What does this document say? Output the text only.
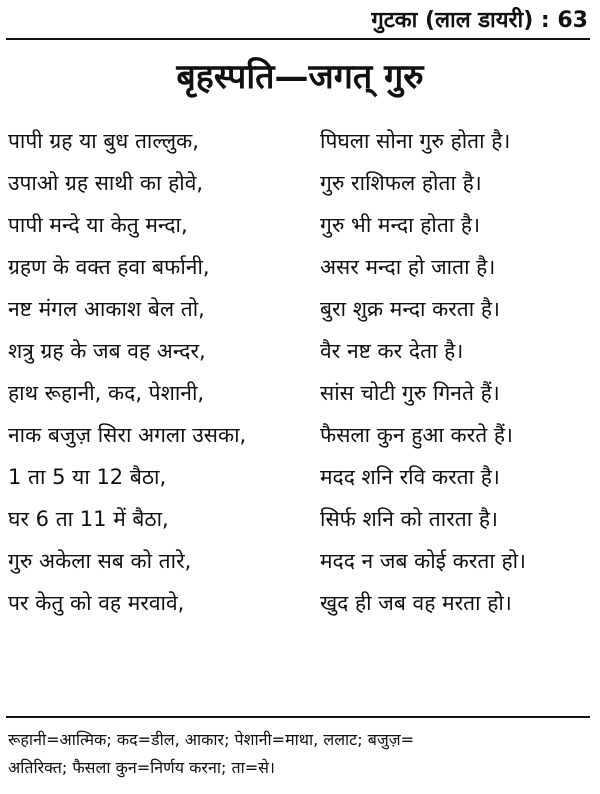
गुटका (लाल डायरी) : 63
बृहस्पति—जगत् गुरु
पापी ग्रह या बुध ताल्लुक,	पिघला सोना गुरु होता है।
उपाओ ग्रह साथी का होवे,	गुरु राशिफल होता है।
पापी मन्दे या केतु मन्दा,	गुरु भी मन्दा होता है।
ग्रहण के वक्त हवा बर्फानी,	असर मन्दा हो जाता है।
नष्ट मंगल आकाश बेल तो,	बुरा शुक्र मन्दा करता है।
शत्रु ग्रह के जब वह अन्दर,	वैर नष्ट कर देता है।
हाथ रूहानी, कद, पेशानी,	सांस चोटी गुरु गिनते हैं।
नाक बजुज़ सिरा अगला उसका,	फैसला कुन हुआ करते हैं।
1 ता 5 या 12 बैठा,	मदद शनि रवि करता है।
घर 6 ता 11 में बैठा,	सिर्फ शनि को तारता है।
गुरु अकेला सब को तारे,	मदद न जब कोई करता हो।
पर केतु को वह मरवावे,	खुद ही जब वह मरता हो।
रूहानी=आत्मिक; कद=डील, आकार; पेशानी=माथा, ललाट; बजुज़=
अतिरिक्त; फैसला कुन=निर्णय करना; ता=से।
